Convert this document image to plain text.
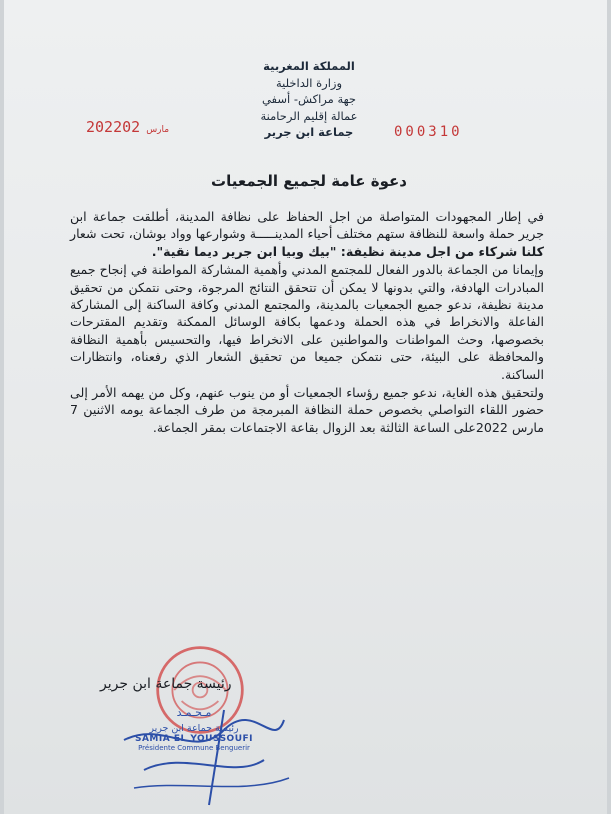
المملكة المغربية
وزارة الداخلية
جهة مراكش- أسفي
عمالة إقليم الرحامنة
جماعة ابن جرير
2022	مارس02	000310
دعوة عامة لجميع الجمعيات

في إطار المجهودات المتواصلة من اجل الحفاظ على نظافة المدينة، أطلقت جماعة ابن جرير حملة واسعة للنظافة ستهم مختلف أحياء المدينـــــة وشوارعها وواد بوشان، تحت شعار كلنا شركاء من اجل مدينة نظيفة: "بيك وبيا ابن جرير ديما نقية".

وإيمانا من الجماعة بالدور الفعال للمجتمع المدني وأهمية المشاركة المواطنة في إنجاح جميع المبادرات الهادفة، والتي بدونها لا يمكن أن تتحقق النتائج المرجوة، وحتى نتمكن من تحقيق مدينة نظيفة، ندعو جميع الجمعيات بالمدينة، والمجتمع المدني وكافة الساكنة إلى المشاركة الفاعلة والانخراط في هذه الحملة ودعمها بكافة الوسائل الممكنة وتقديم المقترحات بخصوصها، وحث المواطنات والمواطنين على الانخراط فيها، والتحسيس بأهمية النظافة والمحافظة على البيئة، حتى نتمكن جميعا من تحقيق الشعار الذي رفعناه، وانتظارات الساكنة.

ولتحقيق هذه الغاية، ندعو جميع رؤساء الجمعيات أو من ينوب عنهم، وكل من يهمه الأمر إلى حضور اللقاء التواصلي بخصوص حملة النظافة المبرمجة من طرف الجماعة يومه الاثنين 7 مارس 2022على الساعة الثالثة بعد الزوال بقاعة الاجتماعات بمقر الجماعة.

رئيسة جماعة ابن جرير
مـحـمـد
رئيسة جماعة ابن جرير
SAMIA EL YOUSSOUFI
Présidente Commune Benguerir
